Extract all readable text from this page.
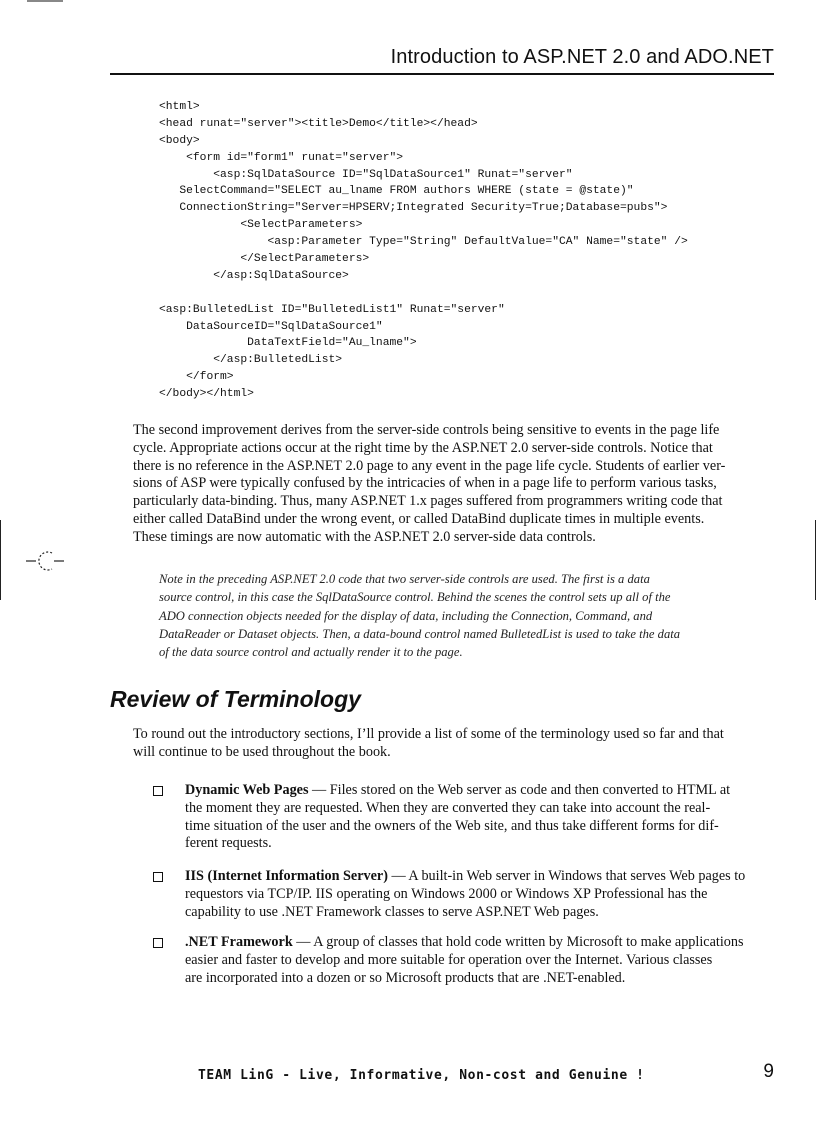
Introduction to ASP.NET 2.0 and ADO.NET
<html>
<head runat="server"><title>Demo</title></head>
<body>
<form id="form1" runat="server">
<asp:SqlDataSource ID="SqlDataSource1" Runat="server"
SelectCommand="SELECT au_lname FROM authors WHERE (state = @state)"
ConnectionString="Server=HPSERV;Integrated Security=True;Database=pubs">
<SelectParameters>
<asp:Parameter Type="String" DefaultValue="CA" Name="state" />
</SelectParameters>
</asp:SqlDataSource>
<asp:BulletedList ID="BulletedList1" Runat="server"
DataSourceID="SqlDataSource1"
DataTextField="Au_lname">
</asp:BulletedList>
</form>
</body></html>
The second improvement derives from the server-side controls being sensitive to events in the page life
cycle. Appropriate actions occur at the right time by the ASP.NET 2.0 server-side controls. Notice that
there is no reference in the ASP.NET 2.0 page to any event in the page life cycle. Students of earlier ver-
sions of ASP were typically confused by the intricacies of when in a page life to perform various tasks,
particularly data-binding. Thus, many ASP.NET 1.x pages suffered from programmers writing code that
either called DataBind under the wrong event, or called DataBind duplicate times in multiple events.
These timings are now automatic with the ASP.NET 2.0 server-side data controls.
Note in the preceding ASP.NET 2.0 code that two server-side controls are used. The first is a data
source control, in this case the SqlDataSource control. Behind the scenes the control sets up all of the
ADO connection objects needed for the display of data, including the Connection, Command, and
DataReader or Dataset objects. Then, a data-bound control named BulletedList is used to take the data
of the data source control and actually render it to the page.
Review of Terminology
To round out the introductory sections, I’ll provide a list of some of the terminology used so far and that
will continue to be used throughout the book.
Dynamic Web Pages — Files stored on the Web server as code and then converted to HTML at
the moment they are requested. When they are converted they can take into account the real-
time situation of the user and the owners of the Web site, and thus take different forms for dif-
ferent requests.
IIS (Internet Information Server) — A built-in Web server in Windows that serves Web pages to
requestors via TCP/IP. IIS operating on Windows 2000 or Windows XP Professional has the
capability to use .NET Framework classes to serve ASP.NET Web pages.
.NET Framework — A group of classes that hold code written by Microsoft to make applications
easier and faster to develop and more suitable for operation over the Internet. Various classes
are incorporated into a dozen or so Microsoft products that are .NET-enabled.
TEAM LinG - Live, Informative, Non-cost and Genuine !	9
